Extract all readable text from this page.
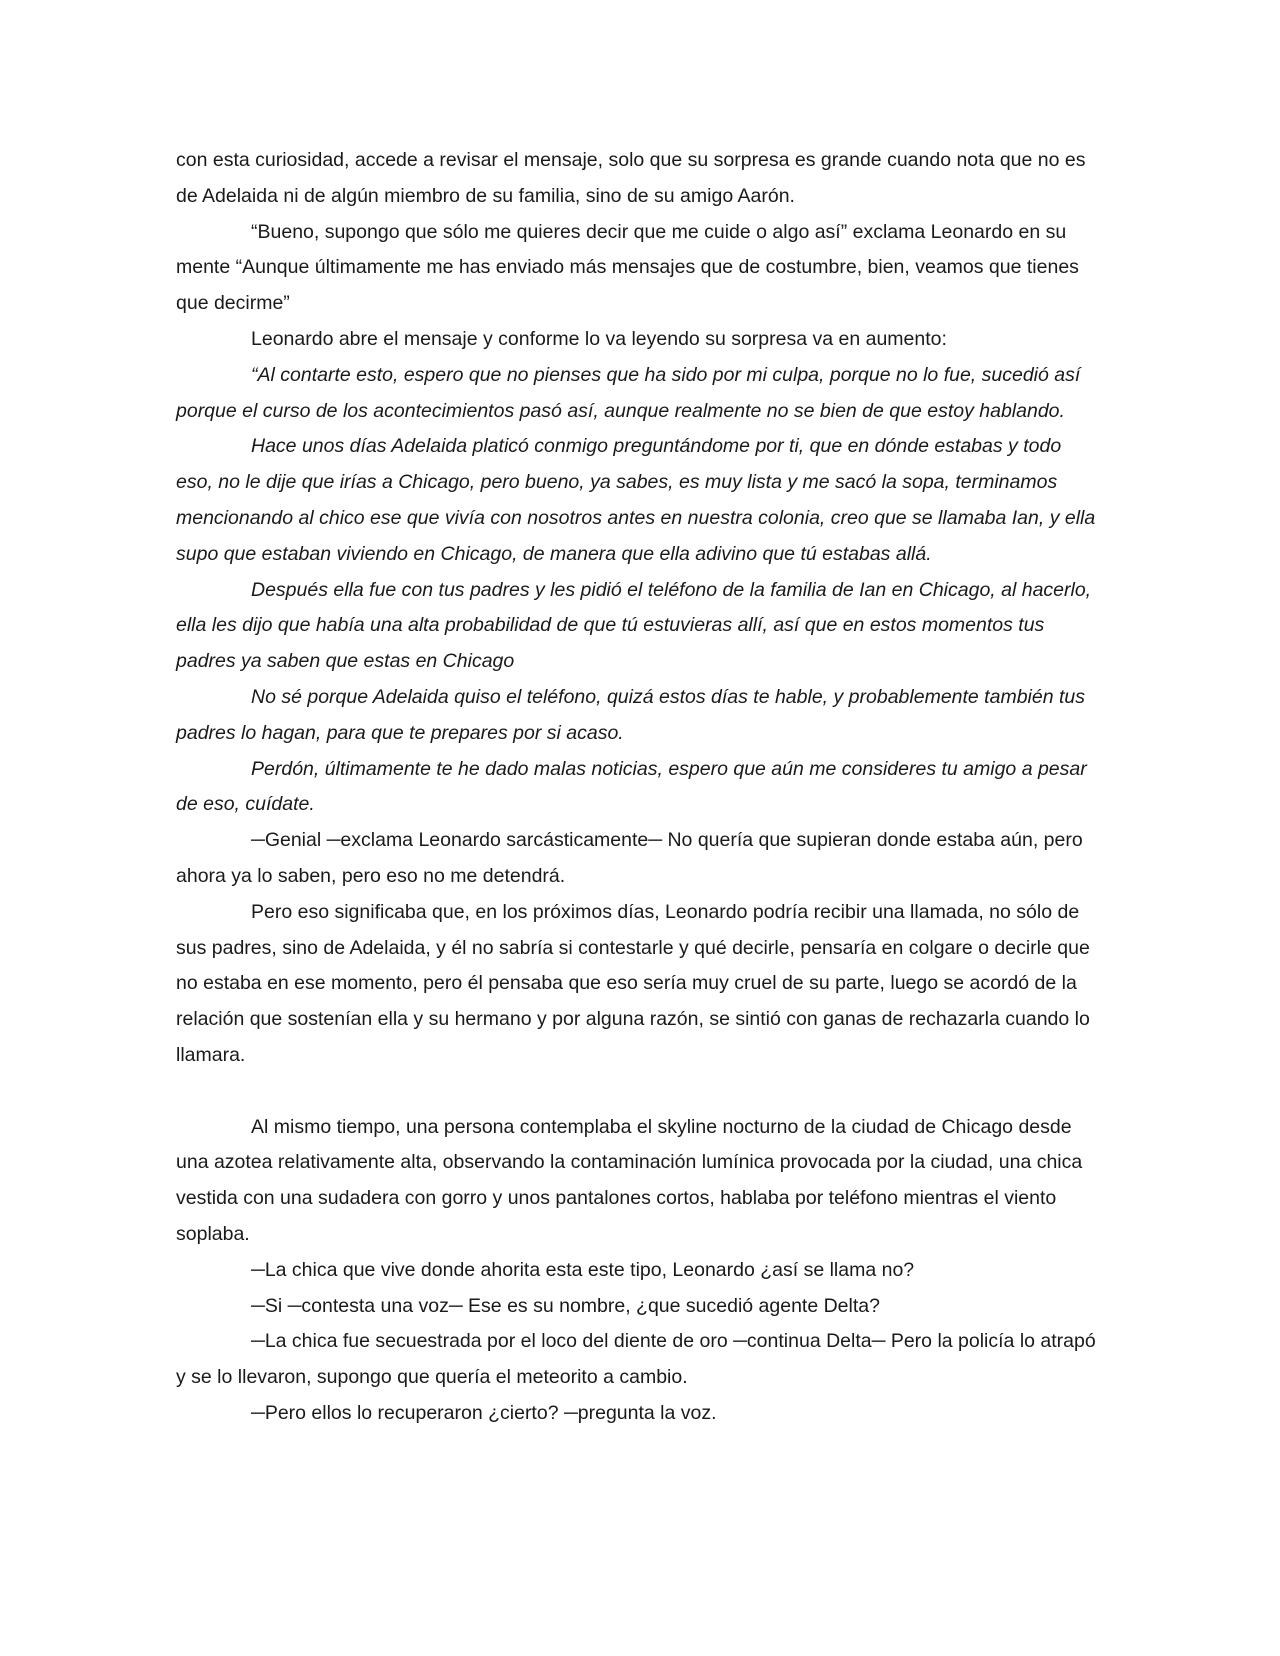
con esta curiosidad, accede a revisar el mensaje, solo que su sorpresa es grande cuando nota que no es de Adelaida ni de algún miembro de su familia, sino de su amigo Aarón.

“Bueno, supongo que sólo me quieres decir que me cuide o algo así” exclama Leonardo en su mente “Aunque últimamente me has enviado más mensajes que de costumbre, bien, veamos que tienes que decirme”

Leonardo abre el mensaje y conforme lo va leyendo su sorpresa va en aumento:

“Al contarte esto, espero que no pienses que ha sido por mi culpa, porque no lo fue, sucedió así porque el curso de los acontecimientos pasó así, aunque realmente no se bien de que estoy hablando.

Hace unos días Adelaida platicó conmigo preguntándome por ti, que en dónde estabas y todo eso, no le dije que irías a Chicago, pero bueno, ya sabes, es muy lista y me sacó la sopa, terminamos mencionando al chico ese que vivía con nosotros antes en nuestra colonia, creo que se llamaba Ian, y ella supo que estaban viviendo en Chicago, de manera que ella adivino que tú estabas allá.

Después ella fue con tus padres y les pidió el teléfono de la familia de Ian en Chicago, al hacerlo, ella les dijo que había una alta probabilidad de que tú estuvieras allí, así que en estos momentos tus padres ya saben que estas en Chicago

No sé porque Adelaida quiso el teléfono, quizá estos días te hable, y probablemente también tus padres lo hagan, para que te prepares por si acaso.

Perdón, últimamente te he dado malas noticias, espero que aún me consideres tu amigo a pesar de eso, cuídate.

─Genial ─exclama Leonardo sarcásticamente─ No quería que supieran donde estaba aún, pero ahora ya lo saben, pero eso no me detendrá.

Pero eso significaba que, en los próximos días, Leonardo podría recibir una llamada, no sólo de sus padres, sino de Adelaida, y él no sabría si contestarle y qué decirle, pensaría en colgare o decirle que no estaba en ese momento, pero él pensaba que eso sería muy cruel de su parte, luego se acordó de la relación que sostenían ella y su hermano y por alguna razón, se sintió con ganas de rechazarla cuando lo llamara.

Al mismo tiempo, una persona contemplaba el skyline nocturno de la ciudad de Chicago desde una azotea relativamente alta, observando la contaminación lumínica provocada por la ciudad, una chica vestida con una sudadera con gorro y unos pantalones cortos, hablaba por teléfono mientras el viento soplaba.

─La chica que vive donde ahorita esta este tipo, Leonardo ¿así se llama no?

─Si ─contesta una voz─ Ese es su nombre, ¿que sucedió agente Delta?

─La chica fue secuestrada por el loco del diente de oro ─continua Delta─ Pero la policía lo atrapó y se lo llevaron, supongo que quería el meteorito a cambio.

─Pero ellos lo recuperaron ¿cierto? ─pregunta la voz.
